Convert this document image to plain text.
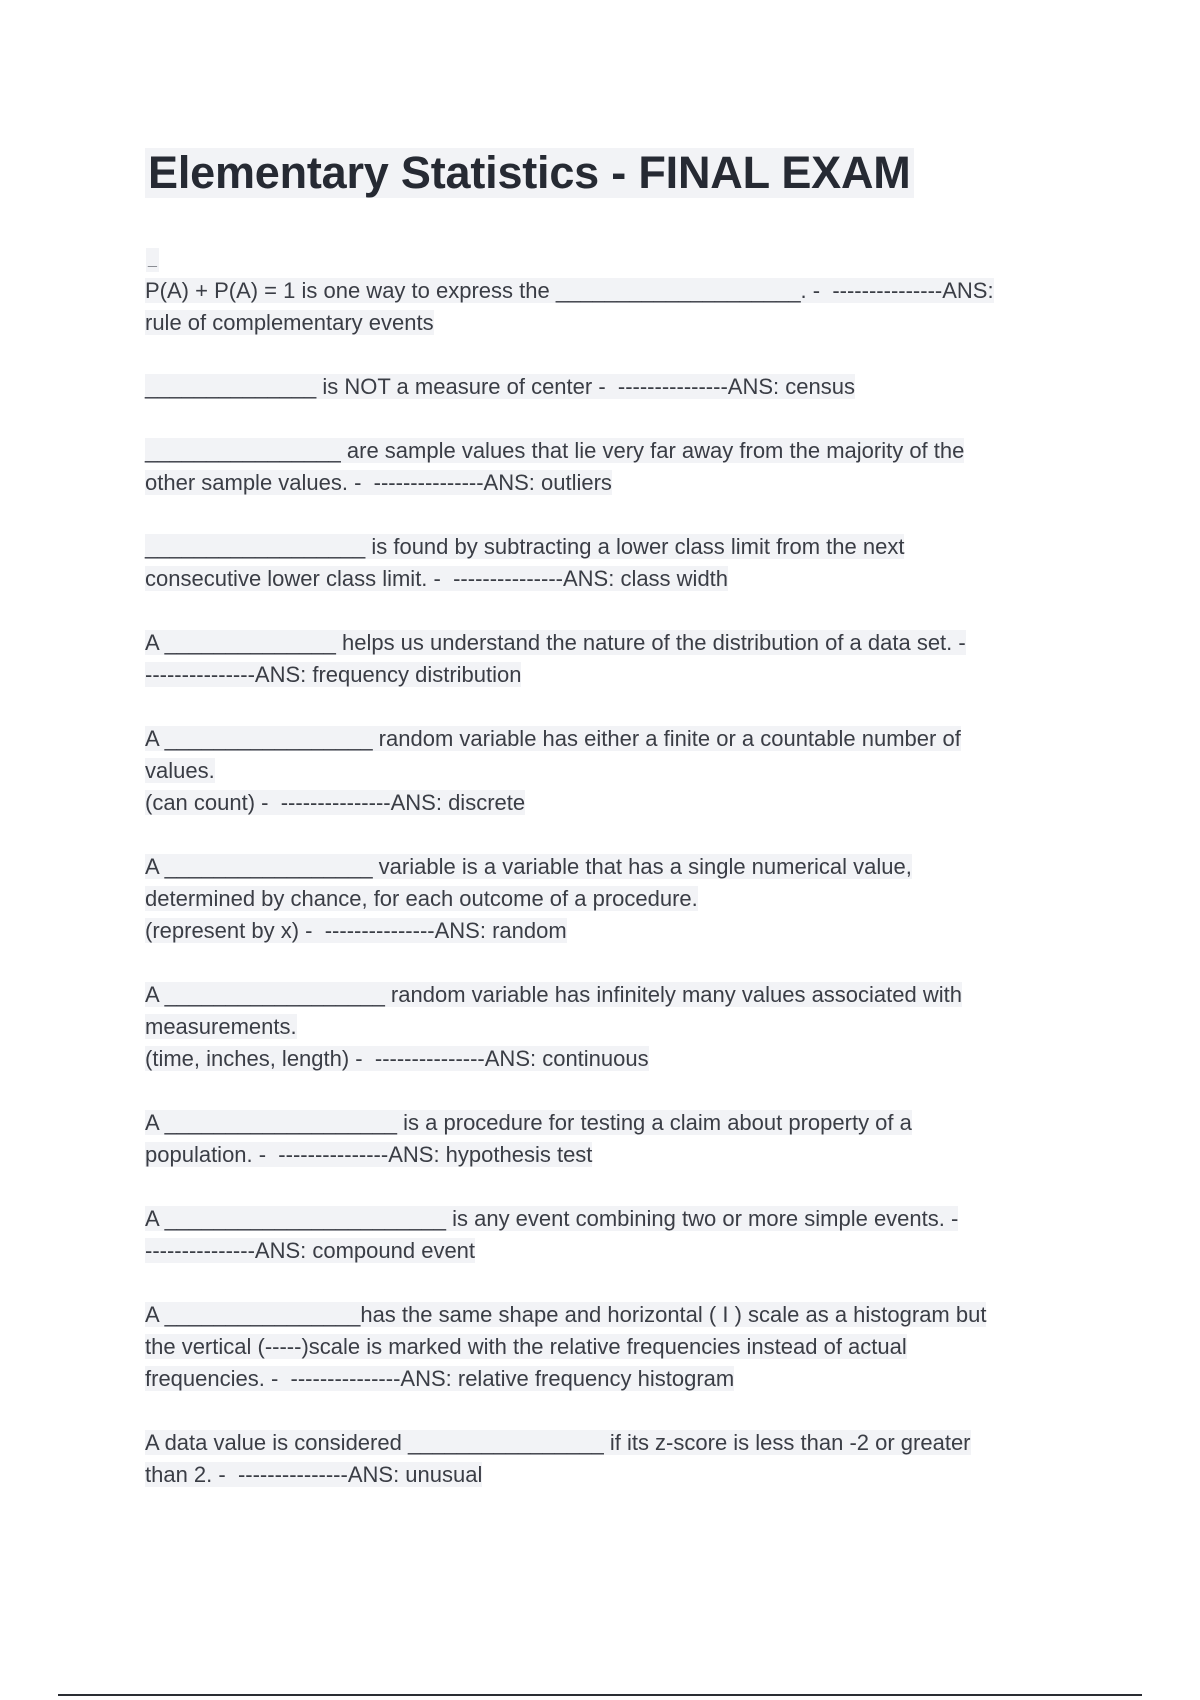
Elementary Statistics - FINAL EXAM
_
P(A) + P(A) = 1 is one way to express the ____________________. -  ---------------ANS:
rule of complementary events
______________ is NOT a measure of center -  ---------------ANS: census
________________ are sample values that lie very far away from the majority of the
other sample values. -  ---------------ANS: outliers
__________________ is found by subtracting a lower class limit from the next
consecutive lower class limit. -  ---------------ANS: class width
A ______________ helps us understand the nature of the distribution of a data set. -
---------------ANS: frequency distribution
A _________________ random variable has either a finite or a countable number of
values.
(can count) -  ---------------ANS: discrete
A _________________ variable is a variable that has a single numerical value,
determined by chance, for each outcome of a procedure.
(represent by x) -  ---------------ANS: random
A __________________ random variable has infinitely many values associated with
measurements.
(time, inches, length) -  ---------------ANS: continuous
A ___________________ is a procedure for testing a claim about property of a
population. -  ---------------ANS: hypothesis test
A _______________________ is any event combining two or more simple events. -
---------------ANS: compound event
A ________________has the same shape and horizontal ( I ) scale as a histogram but
the vertical (-----)scale is marked with the relative frequencies instead of actual
frequencies. -  ---------------ANS: relative frequency histogram
A data value is considered ________________ if its z-score is less than -2 or greater
than 2. -  ---------------ANS: unusual
